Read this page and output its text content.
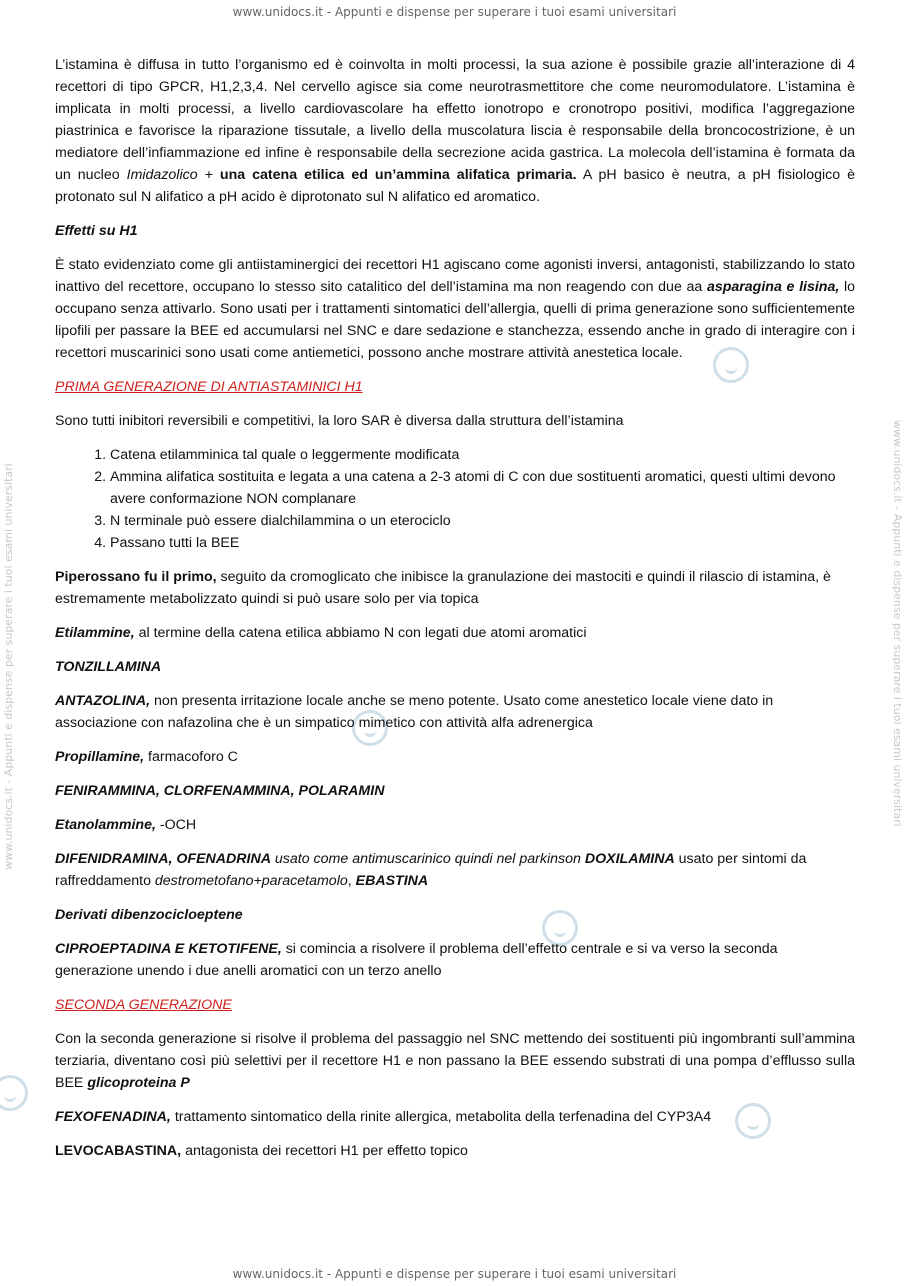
www.unidocs.it - Appunti e dispense per superare i tuoi esami universitari
www.unidocs.it - Appunti e dispense per superare i tuoi esami universitari	www.unidocs.it - Appunti e dispense per superare i tuoi esami universitari

L’istamina è diffusa in tutto l’organismo ed è coinvolta in molti processi, la sua azione è possibile grazie all’interazione di 4 recettori di tipo GPCR, H1,2,3,4. Nel cervello agisce sia come neurotrasmettitore che come neuromodulatore. L’istamina è implicata in molti processi, a livello cardiovascolare ha effetto ionotropo e cronotropo positivi, modifica l’aggregazione piastrinica e favorisce la riparazione tissutale, a livello della muscolatura liscia è responsabile della broncocostrizione, è un mediatore dell’infiammazione ed infine è responsabile della secrezione acida gastrica. La molecola dell’istamina è formata da un nucleo Imidazolico + una catena etilica ed un’ammina alifatica primaria. A pH basico è neutra, a pH fisiologico è protonato sul N alifatico a pH acido è diprotonato sul N alifatico ed aromatico.

Effetti su H1

È stato evidenziato come gli antiistaminergici dei recettori H1 agiscano come agonisti inversi, antagonisti, stabilizzando lo stato inattivo del recettore, occupano lo stesso sito catalitico del dell’istamina ma non reagendo con due aa asparagina e lisina, lo occupano senza attivarlo. Sono usati per i trattamenti sintomatici dell’allergia, quelli di prima generazione sono sufficientemente lipofili per passare la BEE ed accumularsi nel SNC e dare sedazione e stanchezza, essendo anche in grado di interagire con i recettori muscarinici sono usati come antiemetici, possono anche mostrare attività anestetica locale.

PRIMA GENERAZIONE DI ANTIASTAMINICI H1

Sono tutti inibitori reversibili e competitivi, la loro SAR è diversa dalla struttura dell’istamina

1. Catena etilamminica tal quale o leggermente modificata
2. Ammina alifatica sostituita e legata a una catena a 2-3 atomi di C con due sostituenti aromatici, questi ultimi devono avere conformazione NON complanare
3. N terminale può essere dialchilammina o un eterociclo
4. Passano tutti la BEE

Piperossano fu il primo, seguito da cromoglicato che inibisce la granulazione dei mastociti e quindi il rilascio di istamina, è estremamente metabolizzato quindi si può usare solo per via topica

Etilammine, al termine della catena etilica abbiamo N con legati due atomi aromatici

TONZILLAMINA

ANTAZOLINA, non presenta irritazione locale anche se meno potente. Usato come anestetico locale viene dato in associazione con nafazolina che è un simpatico mimetico con attività alfa adrenergica

Propillamine, farmacoforo C

FENIRAMMINA, CLORFENAMMINA, POLARAMIN

Etanolammine, -OCH

DIFENIDRAMINA, OFENADRINA usato come antimuscarinico quindi nel parkinson DOXILAMINA usato per sintomi da raffreddamento destrometofano+paracetamolo, EBASTINA

Derivati dibenzocicloeptene

CIPROEPTADINA E KETOTIFENE, si comincia a risolvere il problema dell’effetto centrale e si va verso la seconda generazione unendo i due anelli aromatici con un terzo anello

SECONDA GENERAZIONE

Con la seconda generazione si risolve il problema del passaggio nel SNC mettendo dei sostituenti più ingombranti sull’ammina terziaria, diventano così più selettivi per il recettore H1 e non passano la BEE essendo substrati di una pompa d’efflusso sulla BEE glicoproteina P

FEXOFENADINA, trattamento sintomatico della rinite allergica, metabolita della terfenadina del CYP3A4

LEVOCABASTINA, antagonista dei recettori H1 per effetto topico

www.unidocs.it - Appunti e dispense per superare i tuoi esami universitari
